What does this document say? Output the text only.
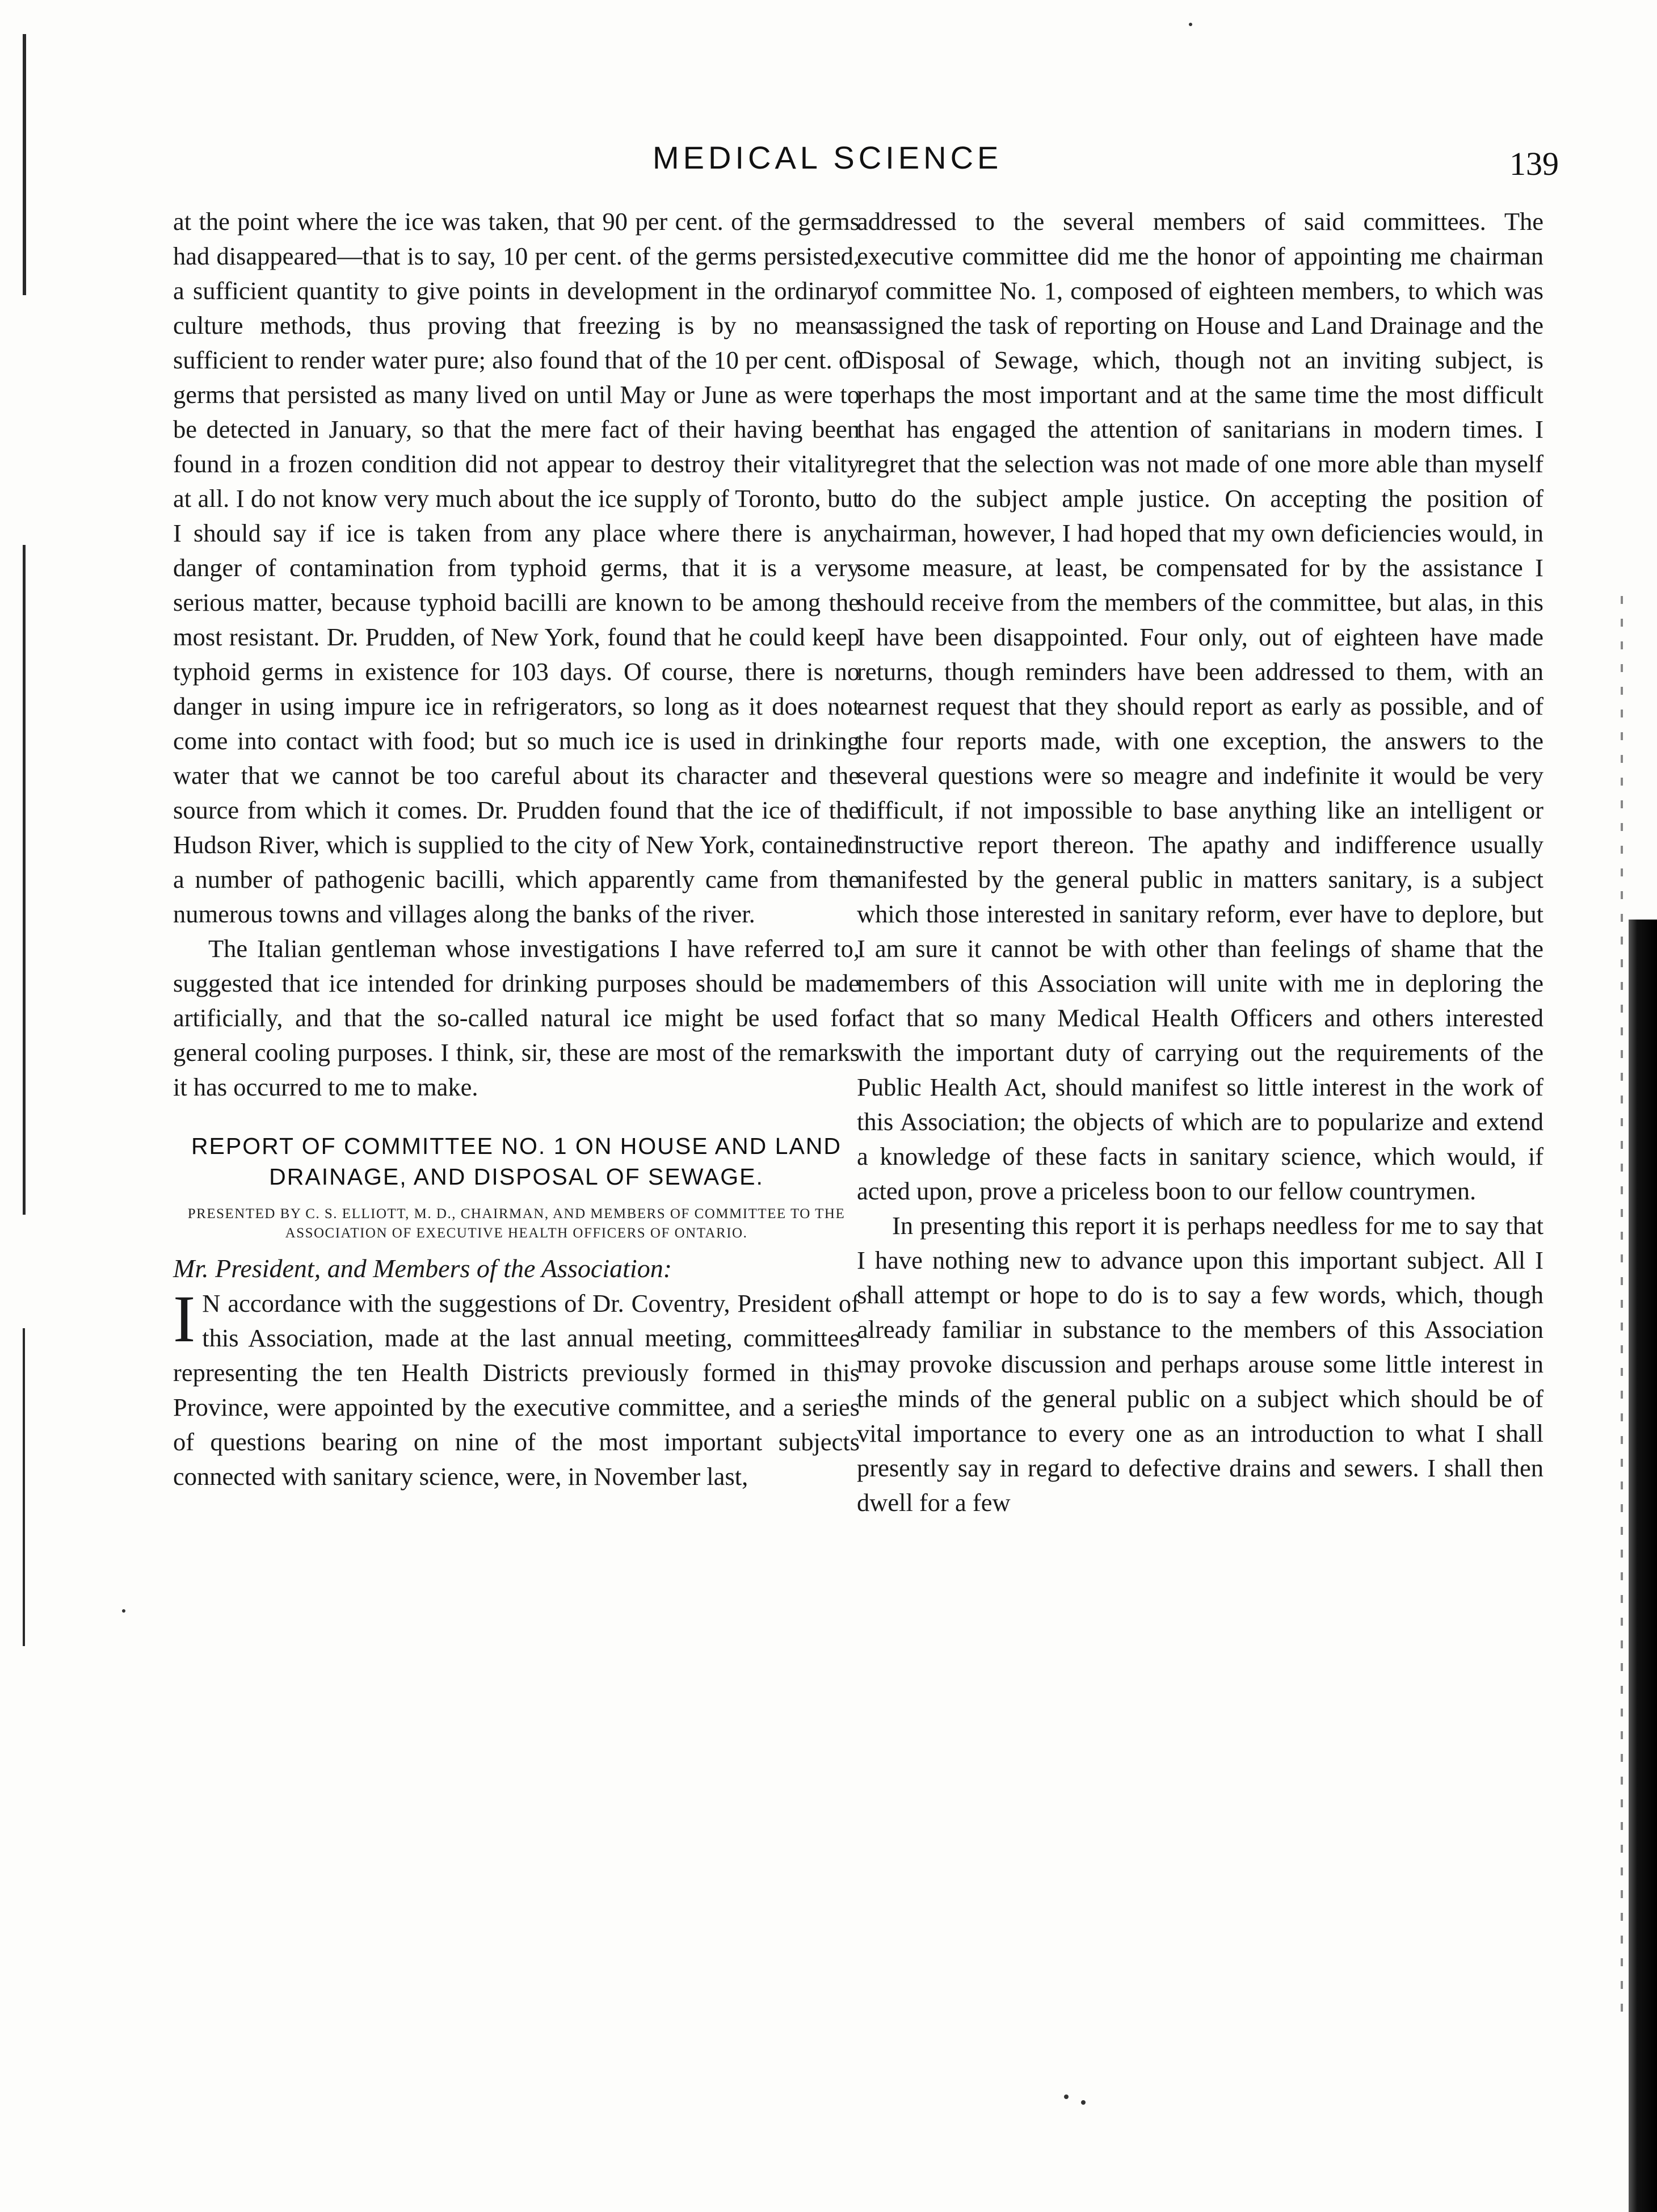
MEDICAL SCIENCE	139

at the point where the ice was taken, that 90 per cent. of the germs had disappeared—that is to say, 10 per cent. of the germs persisted, a sufficient quantity to give points in development in the ordinary culture methods, thus proving that freezing is by no means sufficient to render water pure; also found that of the 10 per cent. of germs that persisted as many lived on until May or June as were to be detected in January, so that the mere fact of their having been found in a frozen condition did not appear to destroy their vitality at all. I do not know very much about the ice supply of Toronto, but I should say if ice is taken from any place where there is any danger of contamination from typhoid germs, that it is a very serious matter, because typhoid bacilli are known to be among the most resistant. Dr. Prudden, of New York, found that he could keep typhoid germs in existence for 103 days. Of course, there is no danger in using impure ice in refrigerators, so long as it does not come into contact with food; but so much ice is used in drinking water that we cannot be too careful about its character and the source from which it comes. Dr. Prudden found that the ice of the Hudson River, which is supplied to the city of New York, contained a number of pathogenic bacilli, which apparently came from the numerous towns and villages along the banks of the river.

The Italian gentleman whose investigations I have referred to, suggested that ice intended for drinking purposes should be made artificially, and that the so-called natural ice might be used for general cooling purposes. I think, sir, these are most of the remarks it has occurred to me to make.

REPORT OF COMMITTEE NO. 1 ON HOUSE AND LAND DRAINAGE, AND DISPOSAL OF SEWAGE.
PRESENTED BY C. S. ELLIOTT, M. D., CHAIRMAN, AND MEMBERS OF COMMITTEE TO THE ASSOCIATION OF EXECUTIVE HEALTH OFFICERS OF ONTARIO.
Mr. President, and Members of the Association:

I N accordance with the suggestions of Dr. Coventry, President of this Association, made at the last annual meeting, committees representing the ten Health Districts previously formed in this Province, were appointed by the executive committee, and a series of questions bearing on nine of the most important subjects connected with sanitary science, were, in November last,

addressed to the several members of said committees. The executive committee did me the honor of appointing me chairman of committee No. 1, composed of eighteen members, to which was assigned the task of reporting on House and Land Drainage and the Disposal of Sewage, which, though not an inviting subject, is perhaps the most important and at the same time the most difficult that has engaged the attention of sanitarians in modern times. I regret that the selection was not made of one more able than myself to do the subject ample justice. On accepting the position of chairman, however, I had hoped that my own deficiencies would, in some measure, at least, be compensated for by the assistance I should receive from the members of the committee, but alas, in this I have been disappointed. Four only, out of eighteen have made returns, though reminders have been addressed to them, with an earnest request that they should report as early as possible, and of the four reports made, with one exception, the answers to the several questions were so meagre and indefinite it would be very difficult, if not impossible to base anything like an intelligent or instructive report thereon. The apathy and indifference usually manifested by the general public in matters sanitary, is a subject which those interested in sanitary reform, ever have to deplore, but I am sure it cannot be with other than feelings of shame that the members of this Association will unite with me in deploring the fact that so many Medical Health Officers and others interested with the important duty of carrying out the requirements of the Public Health Act, should manifest so little interest in the work of this Association; the objects of which are to popularize and extend a knowledge of these facts in sanitary science, which would, if acted upon, prove a priceless boon to our fellow countrymen.

In presenting this report it is perhaps needless for me to say that I have nothing new to advance upon this important subject. All I shall attempt or hope to do is to say a few words, which, though already familiar in substance to the members of this Association may provoke discussion and perhaps arouse some little interest in the minds of the general public on a subject which should be of vital importance to every one as an introduction to what I shall presently say in regard to defective drains and sewers. I shall then dwell for a few
